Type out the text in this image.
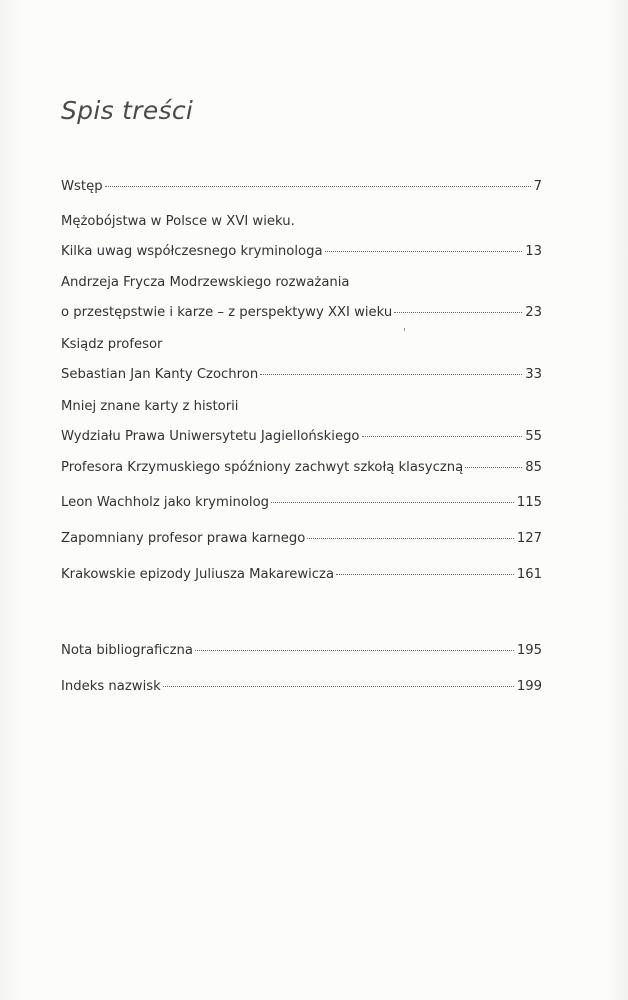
Spis treści
Wstęp	7
Mężobójstwa w Polsce w XVI wieku.
Kilka uwag współczesnego kryminologa	13
Andrzeja Frycza Modrzewskiego rozważania
o przestępstwie i karze – z perspektywy XXI wieku	23
Ksiądz profesor
Sebastian Jan Kanty Czochron	33
Mniej znane karty z historii
Wydziału Prawa Uniwersytetu Jagiellońskiego	55
Profesora Krzymuskiego spóźniony zachwyt szkołą klasyczną	85
Leon Wachholz jako kryminolog	115
Zapomniany profesor prawa karnego	127
Krakowskie epizody Juliusza Makarewicza	161
Nota bibliograficzna	195
Indeks nazwisk	199
